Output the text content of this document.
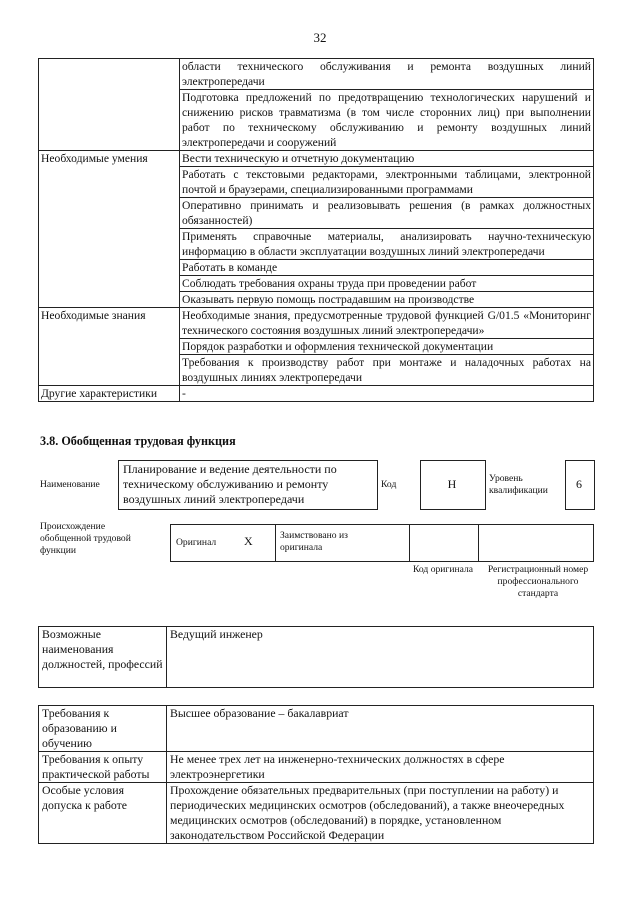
32
	области технического обслуживания и ремонта воздушных линий электропередачи
	Подготовка предложений по предотвращению технологических нарушений и снижению рисков травматизма (в том числе сторонних лиц) при выполнении работ по техническому обслуживанию и ремонту воздушных линий электропередачи и сооружений
Необходимые умения	Вести техническую и отчетную документацию
	Работать с текстовыми редакторами, электронными таблицами, электронной почтой и браузерами, специализированными программами
	Оперативно принимать и реализовывать решения (в рамках должностных обязанностей)
	Применять справочные материалы, анализировать научно-техническую информацию в области эксплуатации воздушных линий электропередачи
	Работать в команде
	Соблюдать требования охраны труда при проведении работ
	Оказывать первую помощь пострадавшим на производстве
Необходимые знания	Необходимые знания, предусмотренные трудовой функцией G/01.5 «Мониторинг технического состояния воздушных линий электропередачи»
	Порядок разработки и оформления технической документации
	Требования к производству работ при монтаже и наладочных работах на воздушных линиях электропередачи
Другие характеристики	-
3.8. Обобщенная трудовая функция
Наименование
Планирование и ведение деятельности по техническому обслуживанию и ремонту воздушных линий электропередачи
Код	H	Уровень квалификации	6
Происхождение обобщенной трудовой функции
Оригинал X	Заимствовано из оригинала
Код оригинала	Регистрационный номер профессионального стандарта
Возможные наименования должностей, профессий	Ведущий инженер
Требования к образованию и обучению	Высшее образование – бакалавриат
Требования к опыту практической работы	Не менее трех лет на инженерно-технических должностях в сфере электроэнергетики
Особые условия допуска к работе	Прохождение обязательных предварительных (при поступлении на работу) и периодических медицинских осмотров (обследований), а также внеочередных медицинских осмотров (обследований) в порядке, установленном законодательством Российской Федерации
